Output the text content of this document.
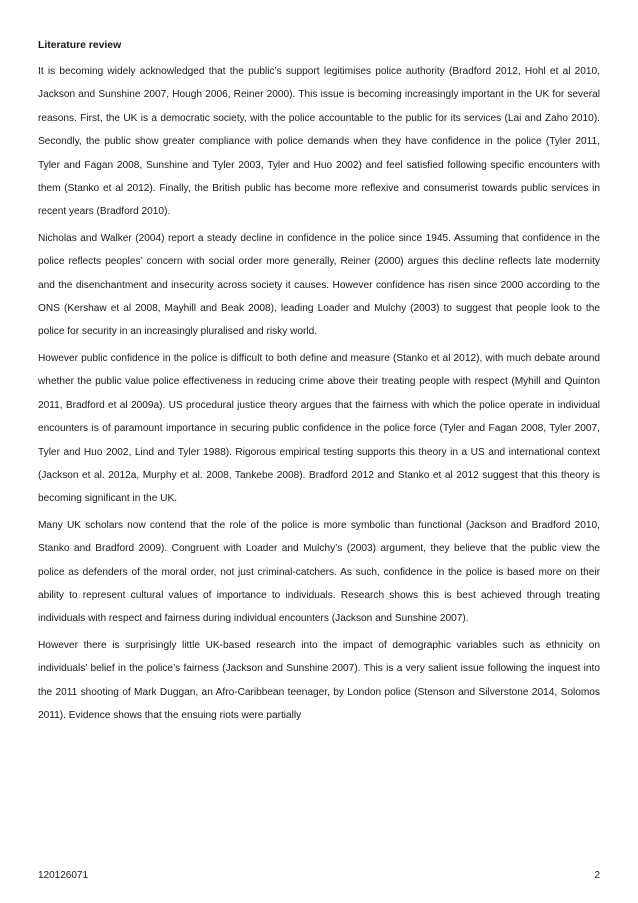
Literature review

It is becoming widely acknowledged that the public’s support legitimises police authority (Bradford 2012, Hohl et al 2010, Jackson and Sunshine 2007, Hough 2006, Reiner 2000). This issue is becoming increasingly important in the UK for several reasons. First, the UK is a democratic society, with the police accountable to the public for its services (Lai and Zaho 2010). Secondly, the public show greater compliance with police demands when they have confidence in the police (Tyler 2011, Tyler and Fagan 2008, Sunshine and Tyler 2003, Tyler and Huo 2002) and feel satisfied following specific encounters with them (Stanko et al 2012). Finally, the British public has become more reflexive and consumerist towards public services in recent years (Bradford 2010).

Nicholas and Walker (2004) report a steady decline in confidence in the police since 1945. Assuming that confidence in the police reflects peoples’ concern with social order more generally, Reiner (2000) argues this decline reflects late modernity and the disenchantment and insecurity across society it causes. However confidence has risen since 2000 according to the ONS (Kershaw et al 2008, Mayhill and Beak 2008), leading Loader and Mulchy (2003) to suggest that people look to the police for security in an increasingly pluralised and risky world.

However public confidence in the police is difficult to both define and measure (Stanko et al 2012), with much debate around whether the public value police effectiveness in reducing crime above their treating people with respect (Myhill and Quinton 2011, Bradford et al 2009a). US procedural justice theory argues that the fairness with which the police operate in individual encounters is of paramount importance in securing public confidence in the police force (Tyler and Fagan 2008, Tyler 2007, Tyler and Huo 2002, Lind and Tyler 1988). Rigorous empirical testing supports this theory in a US and international context (Jackson et al. 2012a, Murphy et al. 2008, Tankebe 2008). Bradford 2012 and Stanko et al 2012 suggest that this theory is becoming significant in the UK.

Many UK scholars now contend that the role of the police is more symbolic than functional (Jackson and Bradford 2010, Stanko and Bradford 2009). Congruent with Loader and Mulchy’s (2003) argument, they believe that the public view the police as defenders of the moral order, not just criminal-catchers. As such, confidence in the police is based more on their ability to represent cultural values of importance to individuals. Research shows this is best achieved through treating individuals with respect and fairness during individual encounters (Jackson and Sunshine 2007).

However there is surprisingly little UK-based research into the impact of demographic variables such as ethnicity on individuals’ belief in the police’s fairness (Jackson and Sunshine 2007). This is a very salient issue following the inquest into the 2011 shooting of Mark Duggan, an Afro-Caribbean teenager, by London police (Stenson and Silverstone 2014, Solomos 2011). Evidence shows that the ensuing riots were partially

120126071	2
